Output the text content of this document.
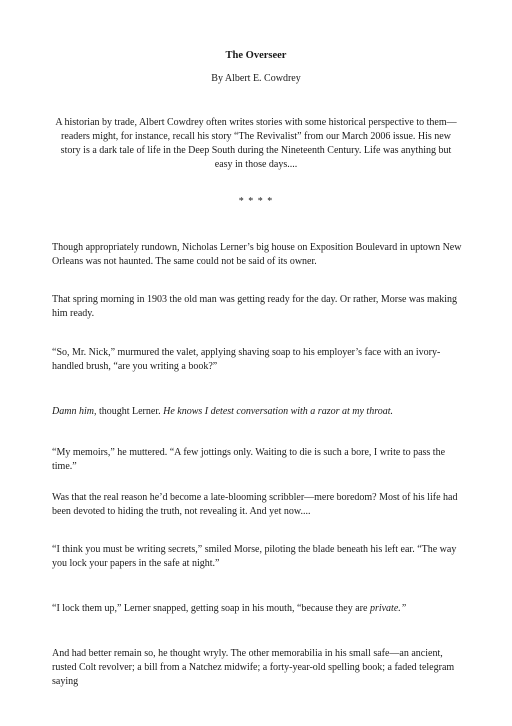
The Overseer
By Albert E. Cowdrey
A historian by trade, Albert Cowdrey often writes stories with some historical perspective to them—readers might, for instance, recall his story “The Revivalist” from our March 2006 issue. His new story is a dark tale of life in the Deep South during the Nineteenth Century. Life was anything but easy in those days....
* * * *
Though appropriately rundown, Nicholas Lerner’s big house on Exposition Boulevard in uptown New Orleans was not haunted. The same could not be said of its owner.
That spring morning in 1903 the old man was getting ready for the day. Or rather, Morse was making him ready.
“So, Mr. Nick,” murmured the valet, applying shaving soap to his employer’s face with an ivory-handled brush, “are you writing a book?”
Damn him, thought Lerner. He knows I detest conversation with a razor at my throat.
“My memoirs,” he muttered. “A few jottings only. Waiting to die is such a bore, I write to pass the time.”
Was that the real reason he’d become a late-blooming scribbler—mere boredom? Most of his life had been devoted to hiding the truth, not revealing it. And yet now....
“I think you must be writing secrets,” smiled Morse, piloting the blade beneath his left ear. “The way you lock your papers in the safe at night.”
“I lock them up,” Lerner snapped, getting soap in his mouth, “because they are private.”
And had better remain so, he thought wryly. The other memorabilia in his small safe—an ancient, rusted Colt revolver; a bill from a Natchez midwife; a forty-year-old spelling book; a faded telegram saying
